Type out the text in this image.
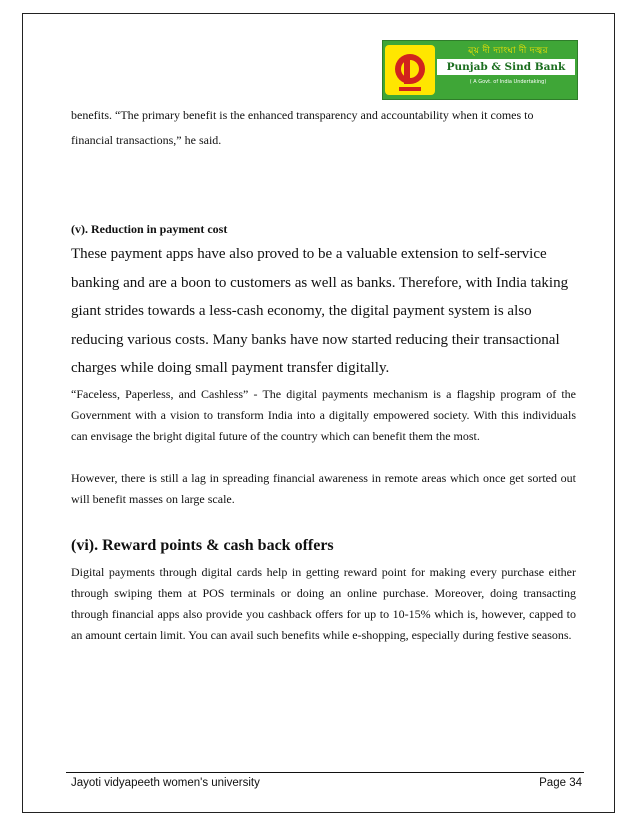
ৱ্য় দী দ্যাংঘা দী দজ্বর
Punjab & Sind Bank
( A Govt. of India Undertaking)
benefits. “The primary benefit is the enhanced transparency and accountability when it comes to financial transactions,” he said.
(v). Reduction in payment cost
These payment apps have also proved to be a valuable extension to self-service banking and are a boon to customers as well as banks. Therefore, with India taking giant strides towards a less-cash economy, the digital payment system is also reducing various costs. Many banks have now started reducing their transactional charges while doing small payment transfer digitally.
“Faceless, Paperless, and Cashless” - The digital payments mechanism is a flagship program of the Government with a vision to transform India into a digitally empowered society. With this individuals can envisage the bright digital future of the country which can benefit them the most.
However, there is still a lag in spreading financial awareness in remote areas which once get sorted out will benefit masses on large scale.
(vi). Reward points & cash back offers
Digital payments through digital cards help in getting reward point for making every purchase either through swiping them at POS terminals or doing an online purchase. Moreover, doing transacting through financial apps also provide you cashback offers for up to 10-15% which is, however, capped to an amount certain limit. You can avail such benefits while e-shopping, especially during festive seasons.
Jayoti vidyapeeth women's university	Page 34
